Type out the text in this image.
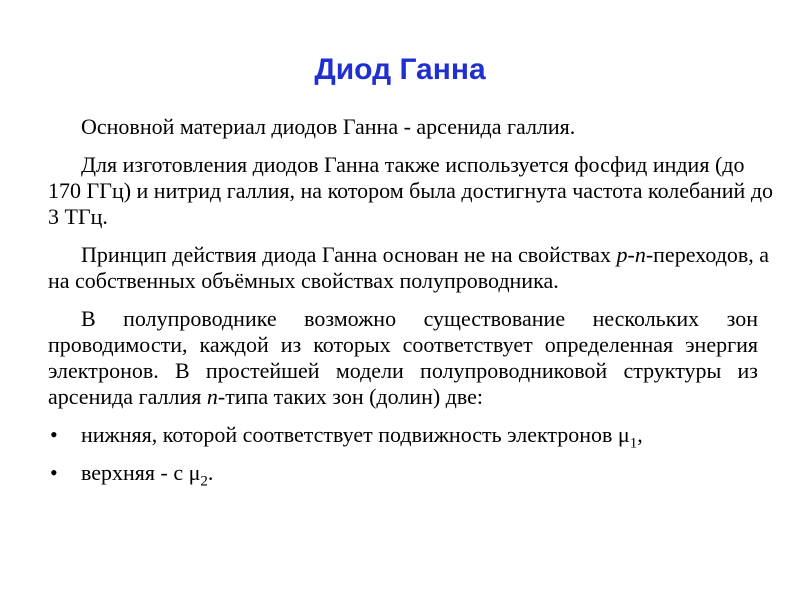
Диод Ганна

Основной материал диодов Ганна - арсенида галлия.

Для изготовления диодов Ганна также используется фосфид индия (до 170 ГГц) и нитрид галлия, на котором была достигнута частота колебаний до 3 ТГц.

Принцип действия диода Ганна основан не на свойствах p-n-переходов, а на собственных объёмных свойствах полупроводника.

В полупроводнике возможно существование нескольких зон проводимости, каждой из которых соответствует определенная энергия электронов. В простейшей модели полупроводниковой структуры из арсенида галлия n-типа таких зон (долин) две:

• нижняя, которой соответствует подвижность электронов $\mu_1$,
• верхняя - с $\mu_2$.
